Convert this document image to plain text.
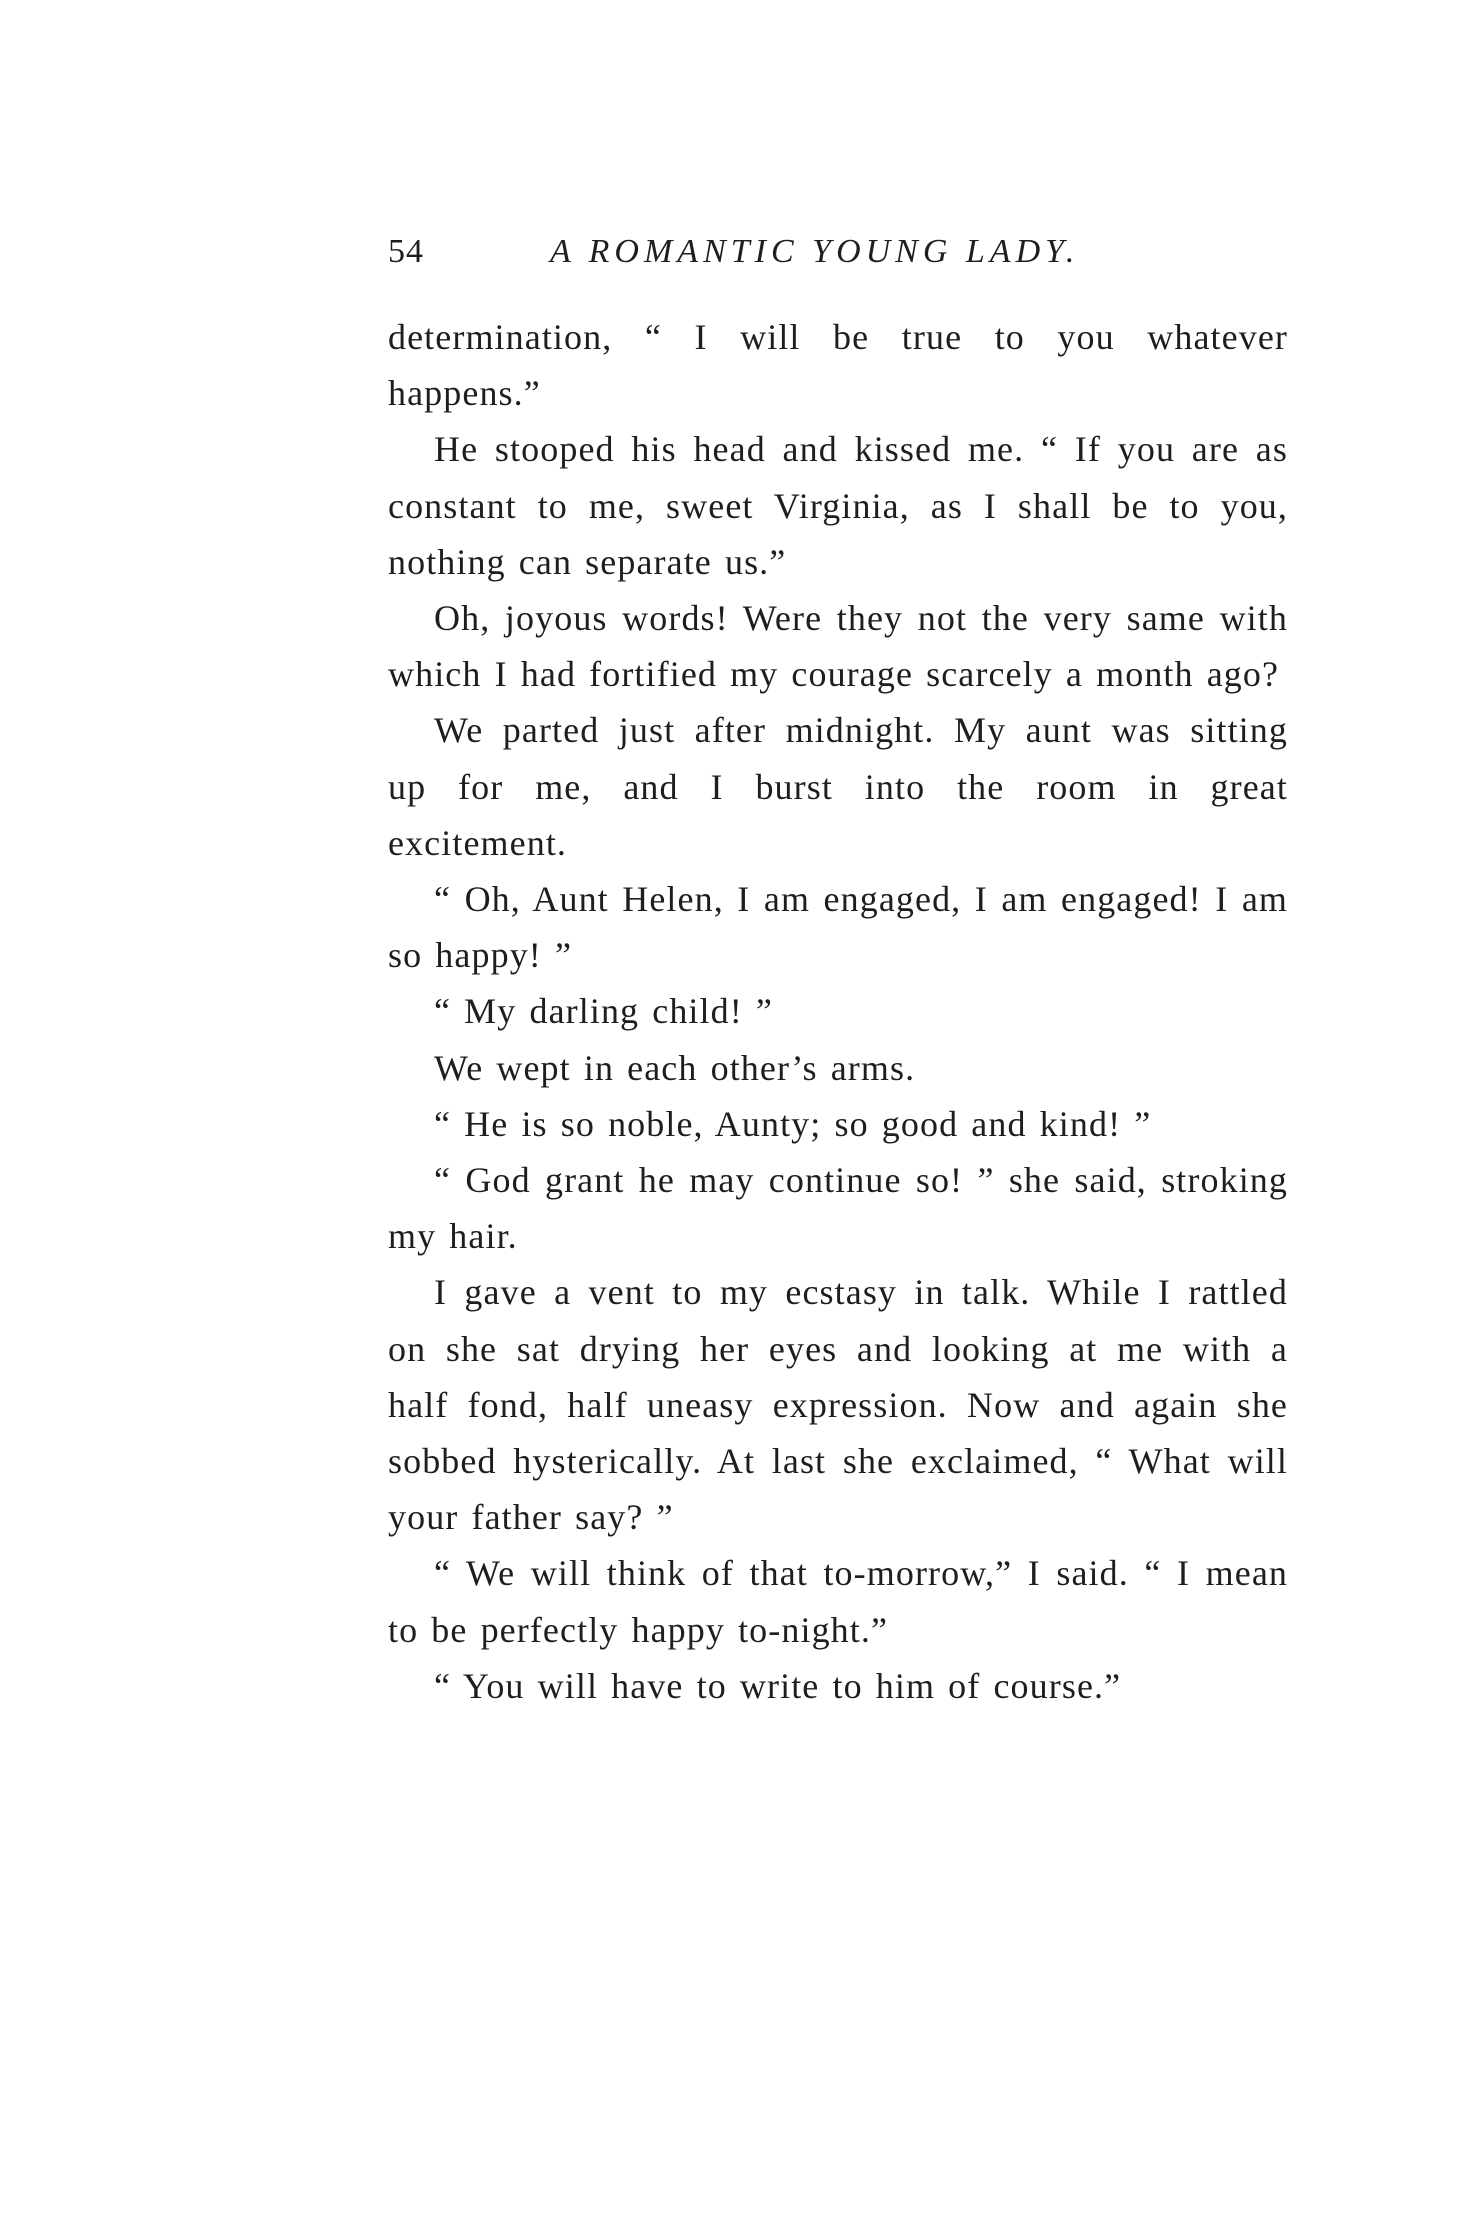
54	A ROMANTIC YOUNG LADY.

determination, “ I will be true to you whatever happens.”

He stooped his head and kissed me. “ If you are as constant to me, sweet Virginia, as I shall be to you, nothing can separate us.”

Oh, joyous words! Were they not the very same with which I had fortified my courage scarcely a month ago?

We parted just after midnight. My aunt was sitting up for me, and I burst into the room in great excitement.

“ Oh, Aunt Helen, I am engaged, I am engaged! I am so happy! ”

“ My darling child! ”

We wept in each other’s arms.

“ He is so noble, Aunty; so good and kind! ”

“ God grant he may continue so! ” she said, stroking my hair.

I gave a vent to my ecstasy in talk. While I rattled on she sat drying her eyes and looking at me with a half fond, half uneasy expression. Now and again she sobbed hysterically. At last she exclaimed, “ What will your father say? ”

“ We will think of that to-morrow,” I said. “ I mean to be perfectly happy to-night.”

“ You will have to write to him of course.”
